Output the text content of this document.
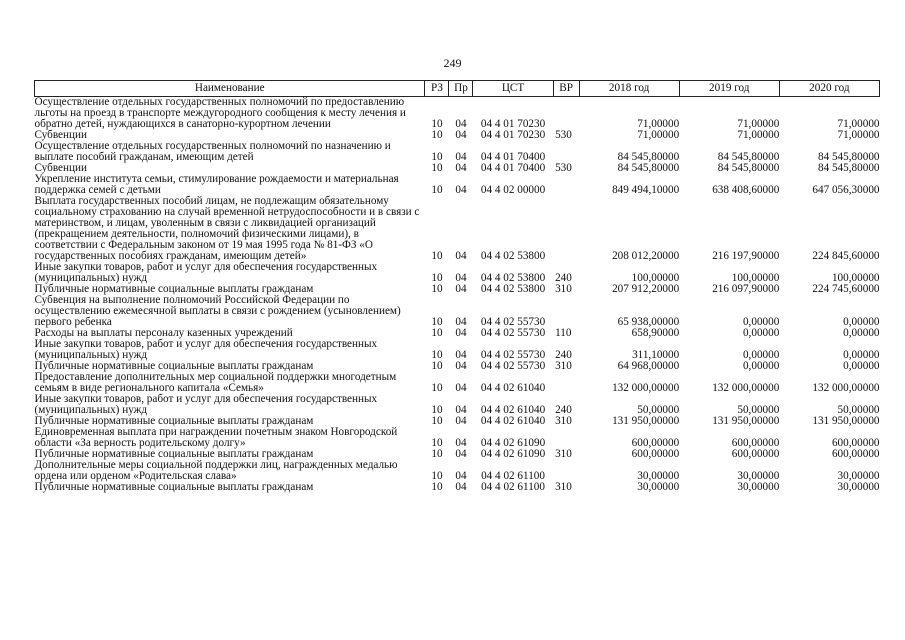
249
Наименование	РЗ	Пр	ЦСТ	ВР	2018 год	2019 год	2020 год
Осуществление отдельных государственных полномочий по предоставлению льготы на проезд в транспорте междугородного сообщения к месту лечения и обратно детей, нуждающихся в санаторно-курортном лечении	10	04	04 4 01 70230		71,00000	71,00000	71,00000
Субвенции	10	04	04 4 01 70230	530	71,00000	71,00000	71,00000
Осуществление отдельных государственных полномочий по назначению и выплате пособий гражданам, имеющим детей	10	04	04 4 01 70400		84 545,80000	84 545,80000	84 545,80000
Субвенции	10	04	04 4 01 70400	530	84 545,80000	84 545,80000	84 545,80000
Укрепление института семьи, стимулирование рождаемости и материальная поддержка семей с детьми	10	04	04 4 02 00000		849 494,10000	638 408,60000	647 056,30000
Выплата государственных пособий лицам, не подлежащим обязательному социальному страхованию на случай временной нетрудоспособности и в связи с материнством, и лицам, уволенным в связи с ликвидацией организаций (прекращением деятельности, полномочий физическими лицами), в соответствии с Федеральным законом от 19 мая 1995 года № 81-ФЗ «О государственных пособиях гражданам, имеющим детей»	10	04	04 4 02 53800		208 012,20000	216 197,90000	224 845,60000
Иные закупки товаров, работ и услуг для обеспечения государственных (муниципальных) нужд	10	04	04 4 02 53800	240	100,00000	100,00000	100,00000
Публичные нормативные социальные выплаты гражданам	10	04	04 4 02 53800	310	207 912,20000	216 097,90000	224 745,60000
Субвенция на выполнение полномочий Российской Федерации по осуществлению ежемесячной выплаты в связи с рождением (усыновлением) первого ребенка	10	04	04 4 02 55730		65 938,00000	0,00000	0,00000
Расходы на выплаты персоналу казенных учреждений	10	04	04 4 02 55730	110	658,90000	0,00000	0,00000
Иные закупки товаров, работ и услуг для обеспечения государственных (муниципальных) нужд	10	04	04 4 02 55730	240	311,10000	0,00000	0,00000
Публичные нормативные социальные выплаты гражданам	10	04	04 4 02 55730	310	64 968,00000	0,00000	0,00000
Предоставление дополнительных мер социальной поддержки многодетным семьям в виде регионального капитала «Семья»	10	04	04 4 02 61040		132 000,00000	132 000,00000	132 000,00000
Иные закупки товаров, работ и услуг для обеспечения государственных (муниципальных) нужд	10	04	04 4 02 61040	240	50,00000	50,00000	50,00000
Публичные нормативные социальные выплаты гражданам	10	04	04 4 02 61040	310	131 950,00000	131 950,00000	131 950,00000
Единовременная выплата при награждении почетным знаком Новгородской области «За верность родительскому долгу»	10	04	04 4 02 61090		600,00000	600,00000	600,00000
Публичные нормативные социальные выплаты гражданам	10	04	04 4 02 61090	310	600,00000	600,00000	600,00000
Дополнительные меры социальной поддержки лиц, награжденных медалью ордена или орденом «Родительская слава»	10	04	04 4 02 61100		30,00000	30,00000	30,00000
Публичные нормативные социальные выплаты гражданам	10	04	04 4 02 61100	310	30,00000	30,00000	30,00000
